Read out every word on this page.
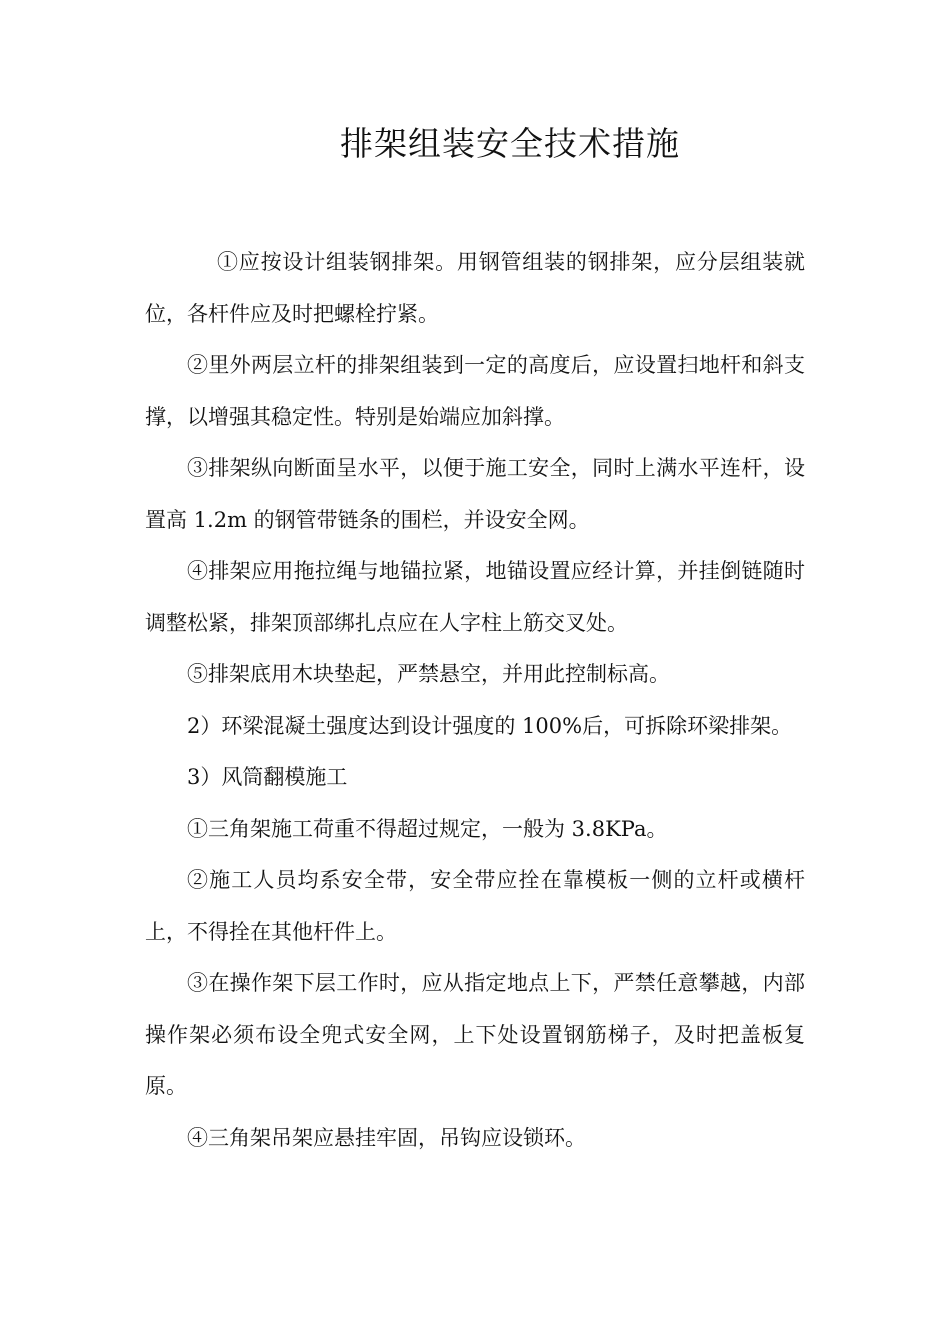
排架组装安全技术措施

①应按设计组装钢排架。用钢管组装的钢排架，应分层组装就位，各杆件应及时把螺栓拧紧。

②里外两层立杆的排架组装到一定的高度后，应设置扫地杆和斜支撑，以增强其稳定性。特别是始端应加斜撑。

③排架纵向断面呈水平，以便于施工安全，同时上满水平连杆，设置高 1.2m 的钢管带链条的围栏，并设安全网。

④排架应用拖拉绳与地锚拉紧，地锚设置应经计算，并挂倒链随时调整松紧，排架顶部绑扎点应在人字柱上筋交叉处。

⑤排架底用木块垫起，严禁悬空，并用此控制标高。

2）环梁混凝土强度达到设计强度的 100%后，可拆除环梁排架。

3）风筒翻模施工

①三角架施工荷重不得超过规定，一般为 3.8KPa。

②施工人员均系安全带，安全带应拴在靠模板一侧的立杆或横杆上，不得拴在其他杆件上。

③在操作架下层工作时，应从指定地点上下，严禁任意攀越，内部操作架必须布设全兜式安全网，上下处设置钢筋梯子，及时把盖板复原。

④三角架吊架应悬挂牢固，吊钩应设锁环。
